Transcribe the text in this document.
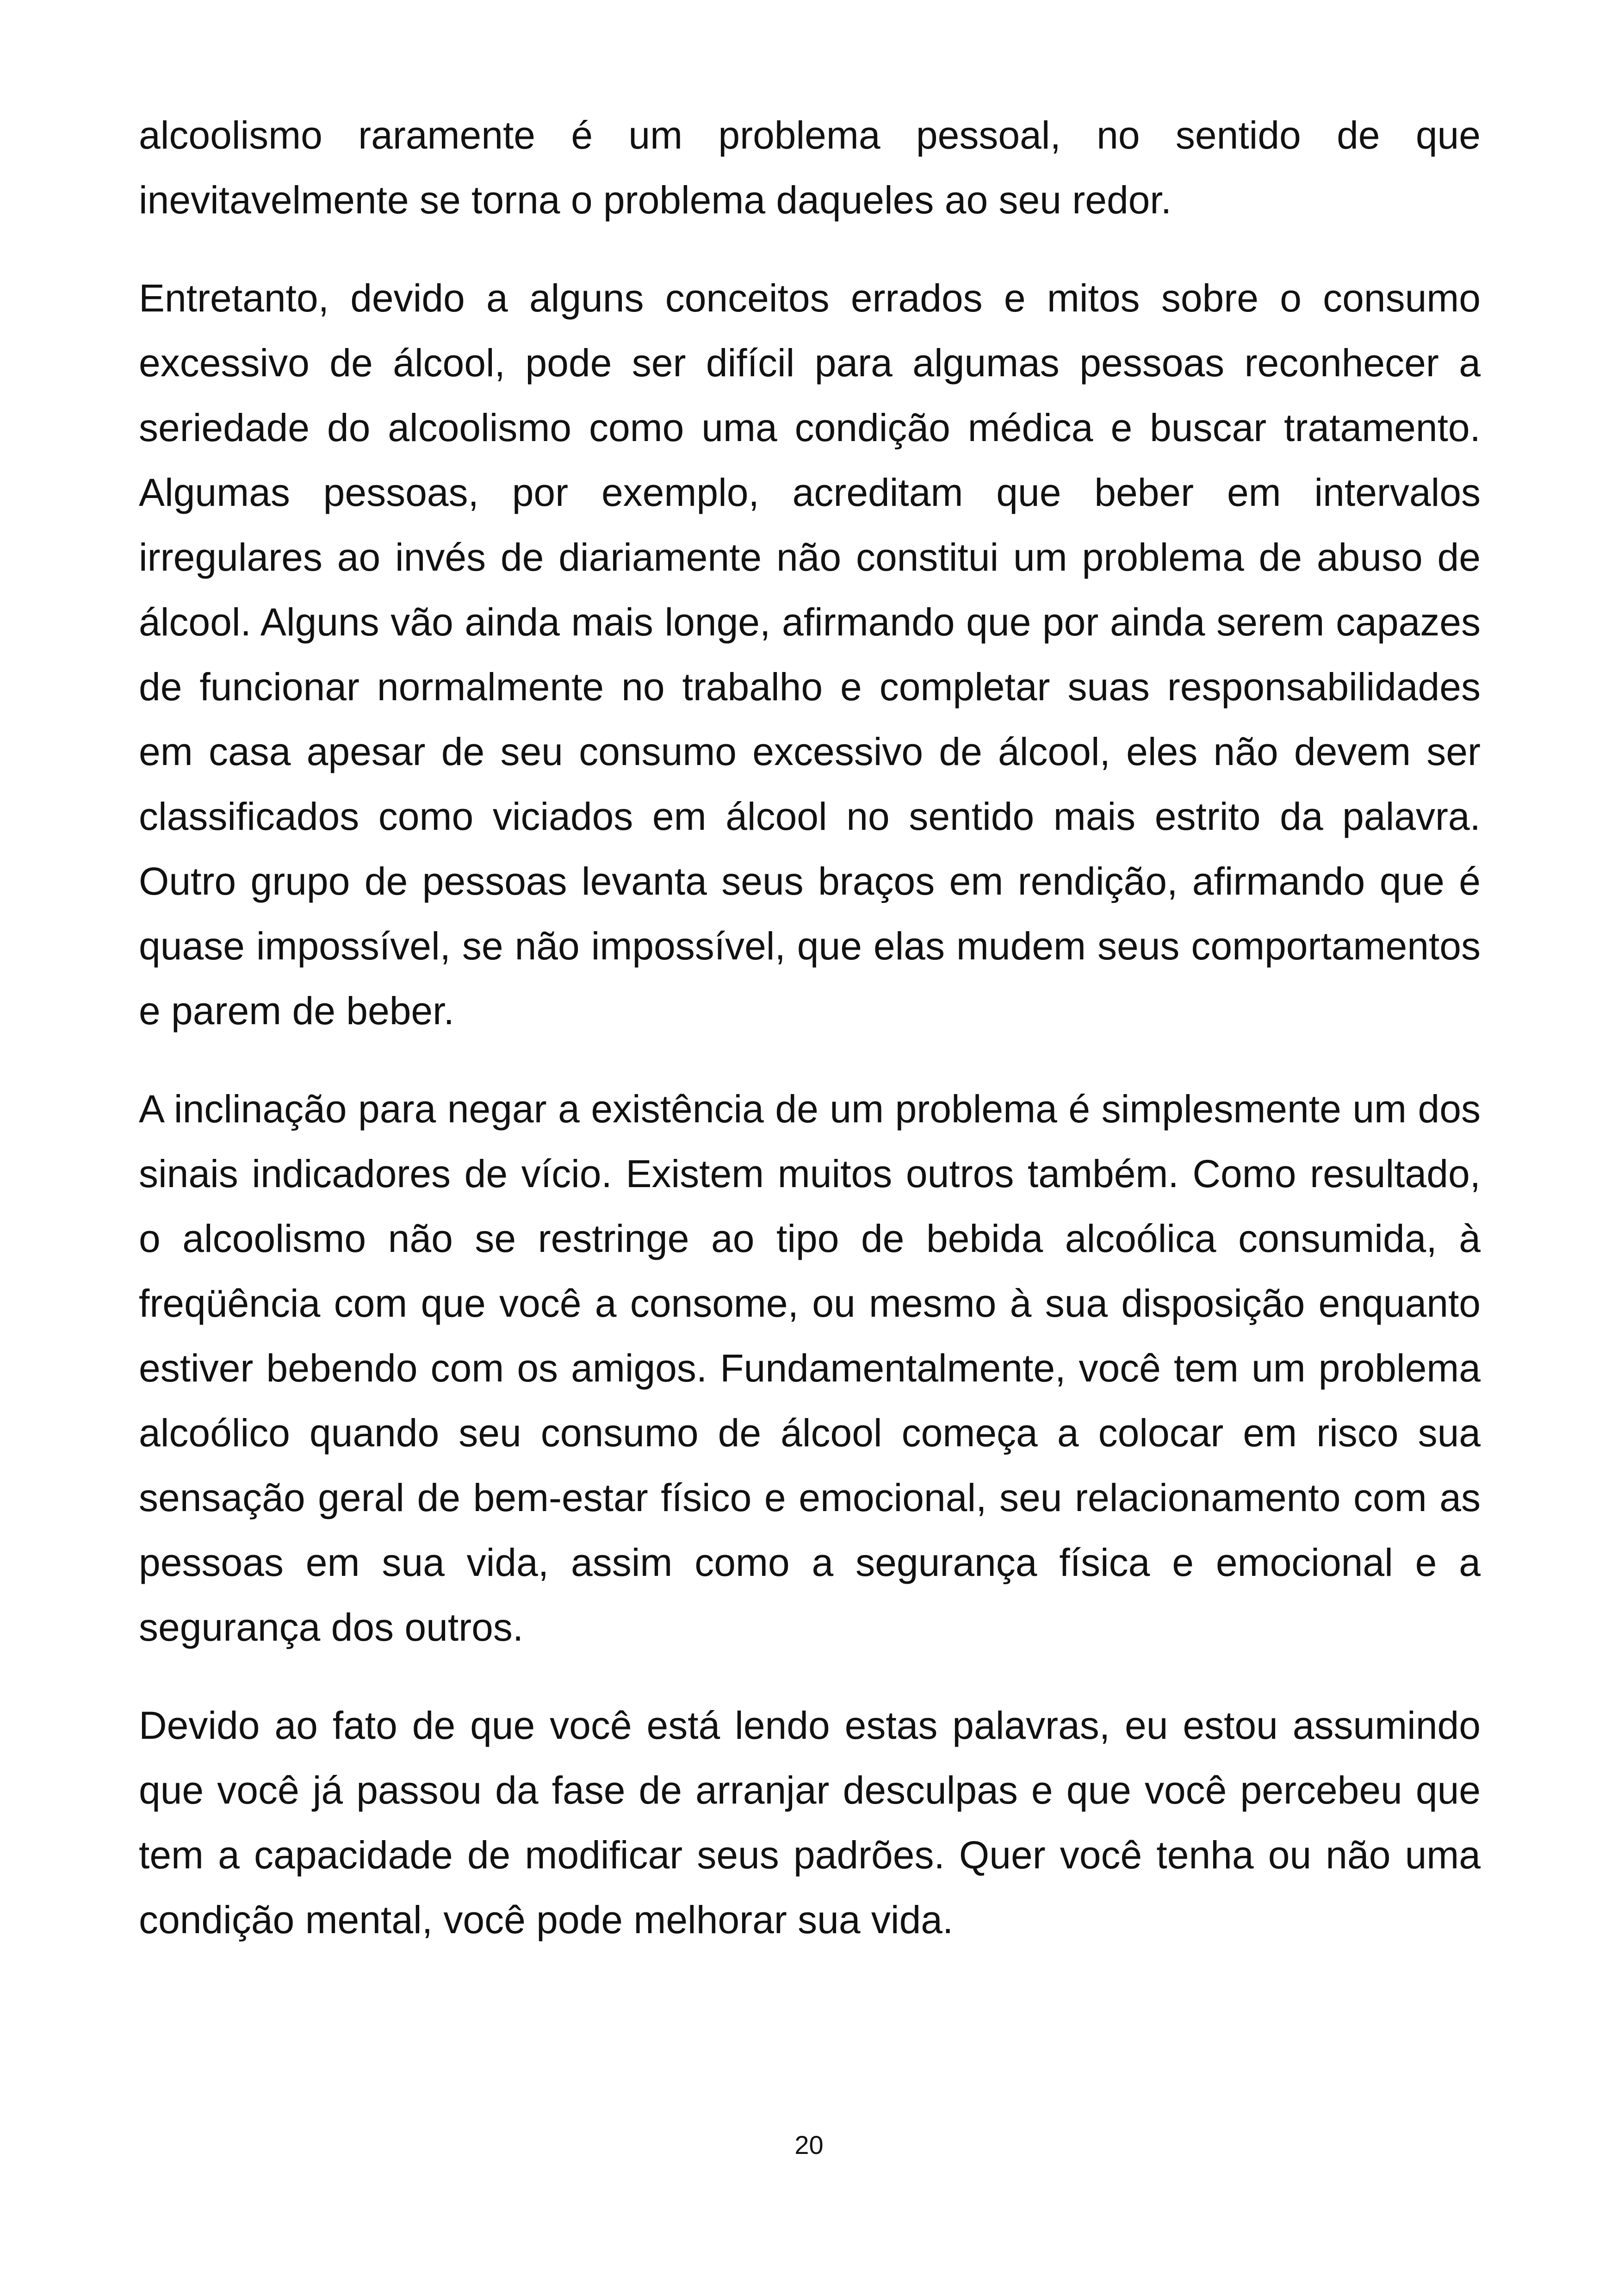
alcoolismo raramente é um problema pessoal, no sentido de que inevitavelmente se torna o problema daqueles ao seu redor.

Entretanto, devido a alguns conceitos errados e mitos sobre o consumo excessivo de álcool, pode ser difícil para algumas pessoas reconhecer a seriedade do alcoolismo como uma condição médica e buscar tratamento. Algumas pessoas, por exemplo, acreditam que beber em intervalos irregulares ao invés de diariamente não constitui um problema de abuso de álcool. Alguns vão ainda mais longe, afirmando que por ainda serem capazes de funcionar normalmente no trabalho e completar suas responsabilidades em casa apesar de seu consumo excessivo de álcool, eles não devem ser classificados como viciados em álcool no sentido mais estrito da palavra. Outro grupo de pessoas levanta seus braços em rendição, afirmando que é quase impossível, se não impossível, que elas mudem seus comportamentos e parem de beber.

A inclinação para negar a existência de um problema é simplesmente um dos sinais indicadores de vício. Existem muitos outros também. Como resultado, o alcoolismo não se restringe ao tipo de bebida alcoólica consumida, à freqüência com que você a consome, ou mesmo à sua disposição enquanto estiver bebendo com os amigos. Fundamentalmente, você tem um problema alcoólico quando seu consumo de álcool começa a colocar em risco sua sensação geral de bem-estar físico e emocional, seu relacionamento com as pessoas em sua vida, assim como a segurança física e emocional e a segurança dos outros.

Devido ao fato de que você está lendo estas palavras, eu estou assumindo que você já passou da fase de arranjar desculpas e que você percebeu que tem a capacidade de modificar seus padrões. Quer você tenha ou não uma condição mental, você pode melhorar sua vida.

20
